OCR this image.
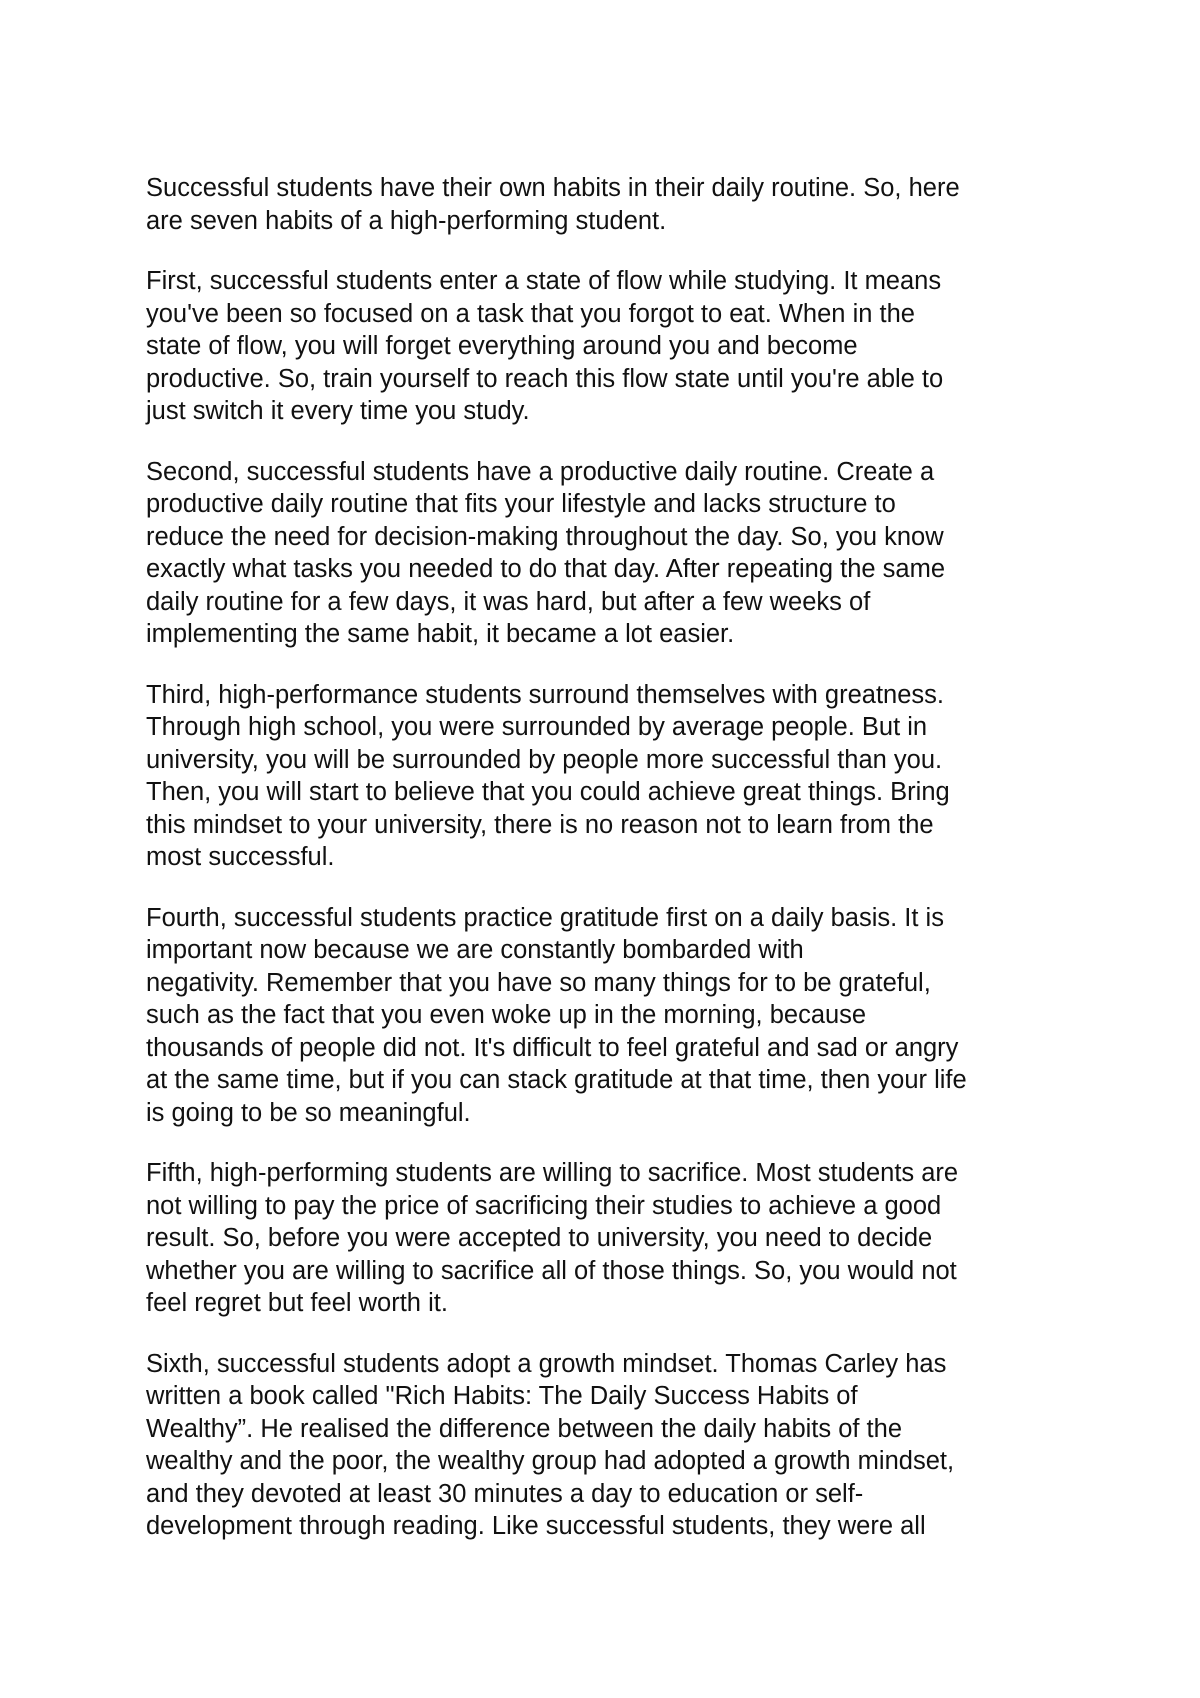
Successful students have their own habits in their daily routine. So, here
are seven habits of a high-performing student.

First, successful students enter a state of flow while studying. It means
you've been so focused on a task that you forgot to eat. When in the
state of flow, you will forget everything around you and become
productive. So, train yourself to reach this flow state until you're able to
just switch it every time you study.

Second, successful students have a productive daily routine. Create a
productive daily routine that fits your lifestyle and lacks structure to
reduce the need for decision-making throughout the day. So, you know
exactly what tasks you needed to do that day. After repeating the same
daily routine for a few days, it was hard, but after a few weeks of
implementing the same habit, it became a lot easier.

Third, high-performance students surround themselves with greatness.
Through high school, you were surrounded by average people. But in
university, you will be surrounded by people more successful than you.
Then, you will start to believe that you could achieve great things. Bring
this mindset to your university, there is no reason not to learn from the
most successful.

Fourth, successful students practice gratitude first on a daily basis. It is
important now because we are constantly bombarded with
negativity. Remember that you have so many things for to be grateful,
such as the fact that you even woke up in the morning, because
thousands of people did not. It's difficult to feel grateful and sad or angry
at the same time, but if you can stack gratitude at that time, then your life
is going to be so meaningful.

Fifth, high-performing students are willing to sacrifice. Most students are
not willing to pay the price of sacrificing their studies to achieve a good
result. So, before you were accepted to university, you need to decide
whether you are willing to sacrifice all of those things. So, you would not
feel regret but feel worth it.

Sixth, successful students adopt a growth mindset. Thomas Carley has
written a book called "Rich Habits: The Daily Success Habits of
Wealthy”. He realised the difference between the daily habits of the
wealthy and the poor, the wealthy group had adopted a growth mindset,
and they devoted at least 30 minutes a day to education or self-
development through reading. Like successful students, they were all
